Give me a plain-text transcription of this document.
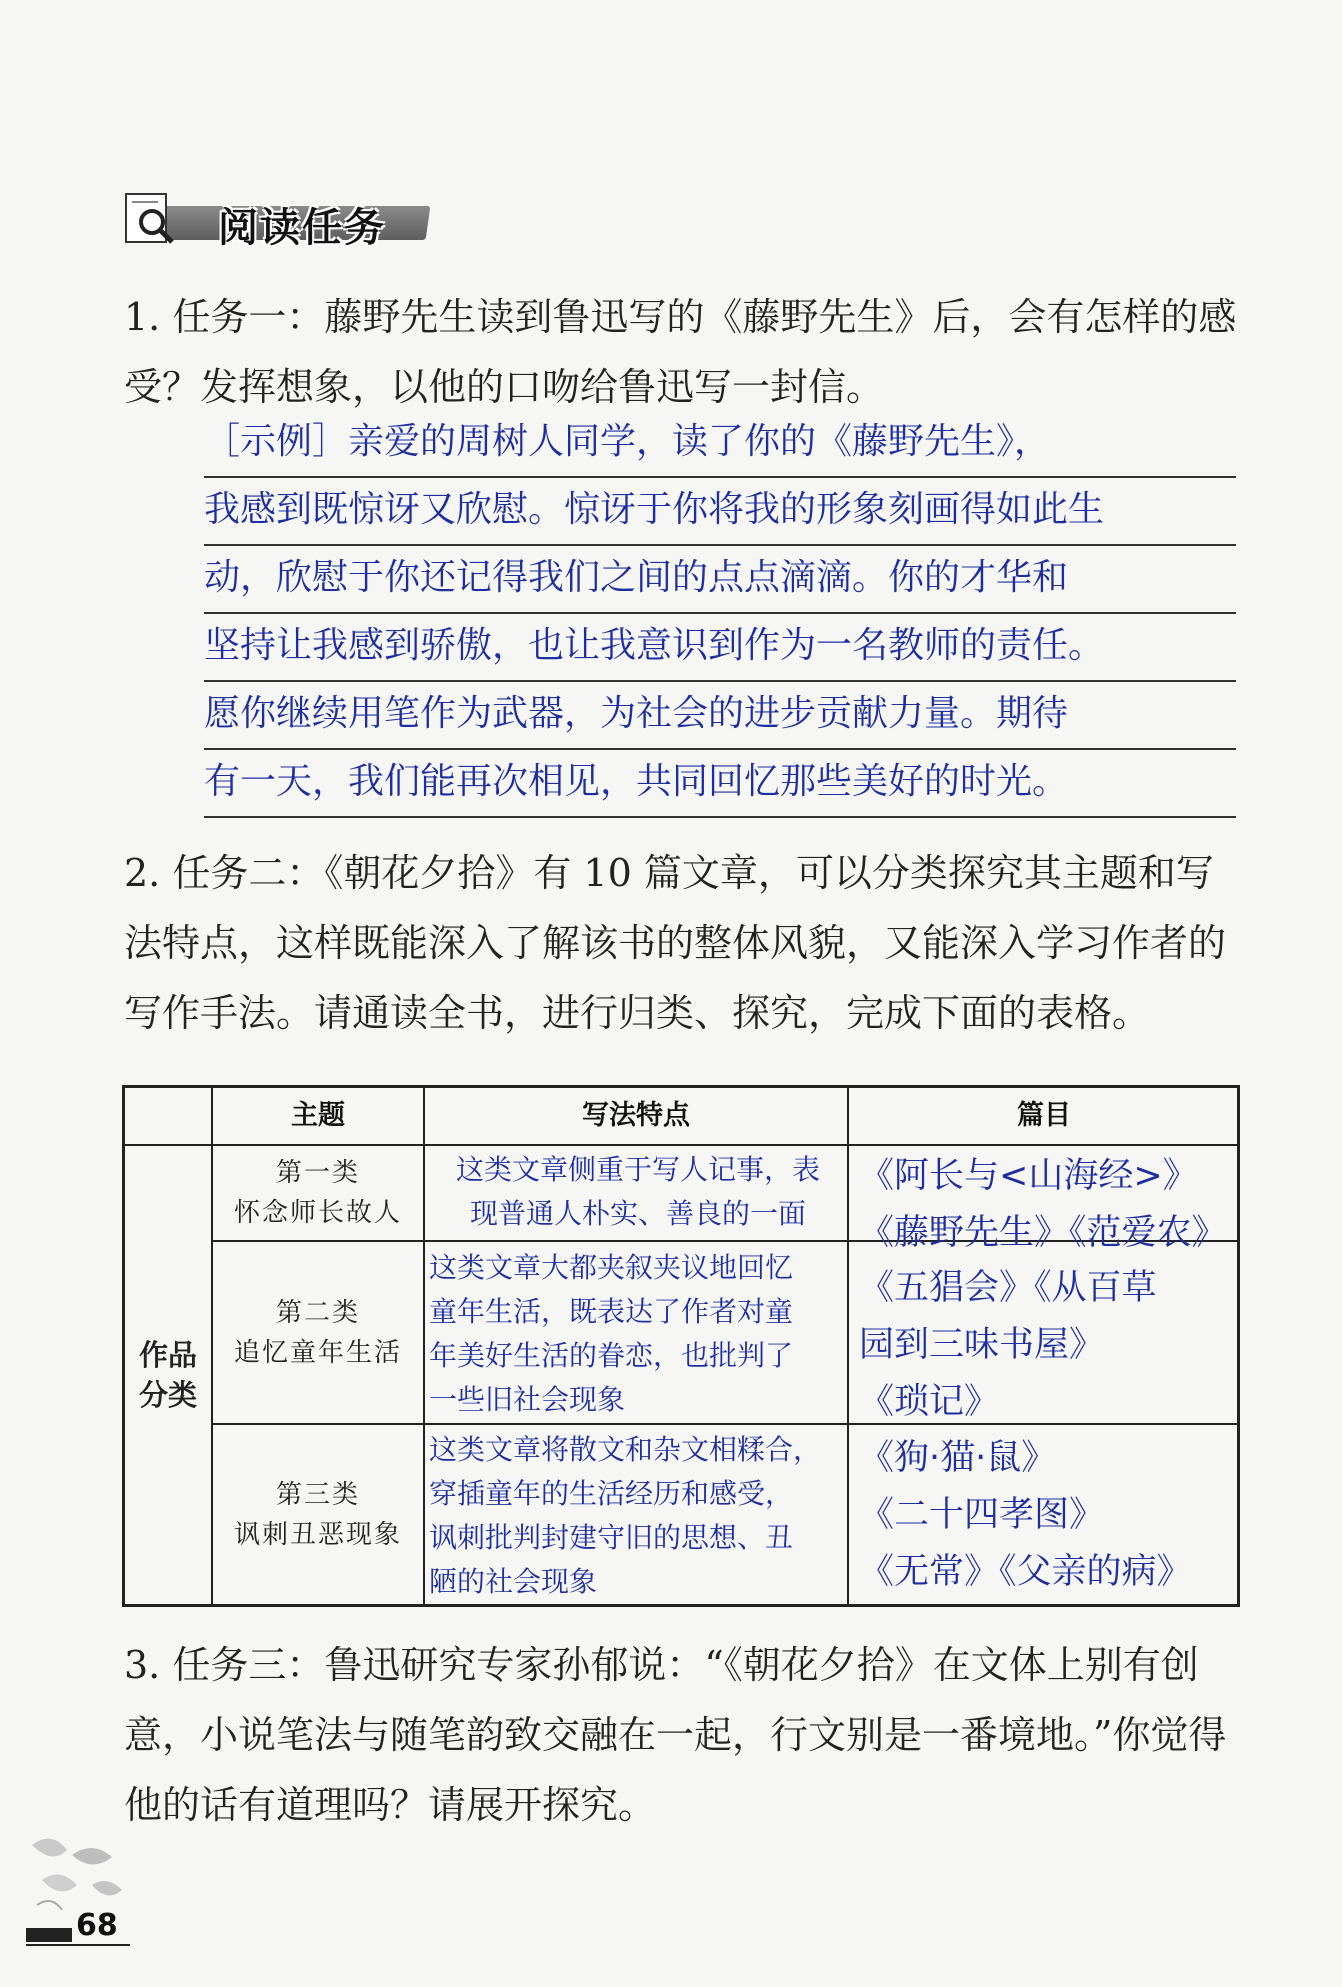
阅读任务
1. 任务一：藤野先生读到鲁迅写的《藤野先生》后，会有怎样的感受？发挥想象，以他的口吻给鲁迅写一封信。
［示例］亲爱的周树人同学，读了你的《藤野先生》，
我感到既惊讶又欣慰。惊讶于你将我的形象刻画得如此生
动，欣慰于你还记得我们之间的点点滴滴。你的才华和
坚持让我感到骄傲，也让我意识到作为一名教师的责任。
愿你继续用笔作为武器，为社会的进步贡献力量。期待
有一天，我们能再次相见，共同回忆那些美好的时光。
2. 任务二：《朝花夕拾》有 10 篇文章，可以分类探究其主题和写法特点，这样既能深入了解该书的整体风貌，又能深入学习作者的写作手法。请通读全书，进行归类、探究，完成下面的表格。
主题	写法特点	篇目
作品
分类
第一类
怀念师长故人
这类文章侧重于写人记事，表
现普通人朴实、善良的一面
《阿长与<山海经>》
《藤野先生》《范爱农》
第二类
追忆童年生活
这类文章大都夹叙夹议地回忆
童年生活，既表达了作者对童
年美好生活的眷恋，也批判了
一些旧社会现象
《五猖会》《从百草
园到三味书屋》
《琐记》
第三类
讽刺丑恶现象
这类文章将散文和杂文相糅合，
穿插童年的生活经历和感受，
讽刺批判封建守旧的思想、丑
陋的社会现象
《狗·猫·鼠》
《二十四孝图》
《无常》《父亲的病》
3. 任务三：鲁迅研究专家孙郁说：“《朝花夕拾》在文体上别有创意，小说笔法与随笔韵致交融在一起，行文别是一番境地。”你觉得他的话有道理吗？请展开探究。
68
